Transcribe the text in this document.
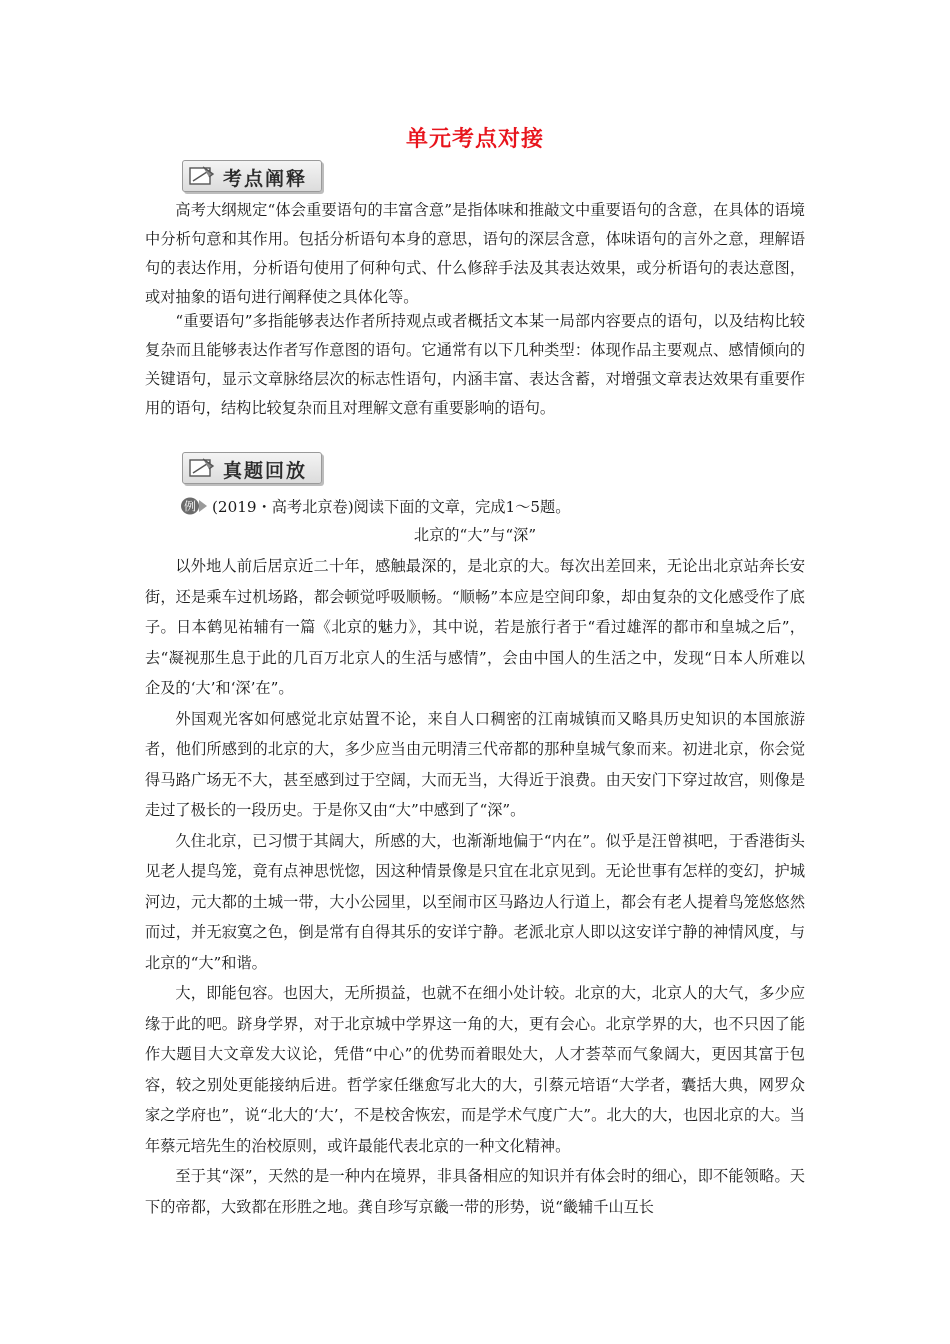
单元考点对接
考点阐释

高考大纲规定“体会重要语句的丰富含意”是指体味和推敲文中重要语句的含意，在具体的语境中分析句意和其作用。包括分析语句本身的意思，语句的深层含意，体味语句的言外之意，理解语句的表达作用，分析语句使用了何种句式、什么修辞手法及其表达效果，或分析语句的表达意图，或对抽象的语句进行阐释使之具体化等。

“重要语句”多指能够表达作者所持观点或者概括文本某一局部内容要点的语句，以及结构比较复杂而且能够表达作者写作意图的语句。它通常有以下几种类型：体现作品主要观点、感情倾向的关键语句，显示文章脉络层次的标志性语句，内涵丰富、表达含蓄，对增强文章表达效果有重要作用的语句，结构比较复杂而且对理解文意有重要影响的语句。

真题回放
例 (2019・高考北京卷)阅读下面的文章，完成1～5题。
北京的“大”与“深”

以外地人前后居京近二十年，感触最深的，是北京的大。每次出差回来，无论出北京站奔长安街，还是乘车过机场路，都会顿觉呼吸顺畅。“顺畅”本应是空间印象，却由复杂的文化感受作了底子。日本鹤见祐辅有一篇《北京的魅力》，其中说，若是旅行者于“看过雄浑的都市和皇城之后”，去“凝视那生息于此的几百万北京人的生活与感情”，会由中国人的生活之中，发现“日本人所难以企及的‘大’和‘深’在”。

外国观光客如何感觉北京姑置不论，来自人口稠密的江南城镇而又略具历史知识的本国旅游者，他们所感到的北京的大，多少应当由元明清三代帝都的那种皇城气象而来。初进北京，你会觉得马路广场无不大，甚至感到过于空阔，大而无当，大得近于浪费。由天安门下穿过故宫，则像是走过了极长的一段历史。于是你又由“大”中感到了“深”。

久住北京，已习惯于其阔大，所感的大，也渐渐地偏于“内在”。似乎是汪曾祺吧，于香港街头见老人提鸟笼，竟有点神思恍惚，因这种情景像是只宜在北京见到。无论世事有怎样的变幻，护城河边，元大都的土城一带，大小公园里，以至闹市区马路边人行道上，都会有老人提着鸟笼悠悠然而过，并无寂寞之色，倒是常有自得其乐的安详宁静。老派北京人即以这安详宁静的神情风度，与北京的“大”和谐。

大，即能包容。也因大，无所损益，也就不在细小处计较。北京的大，北京人的大气，多少应缘于此的吧。跻身学界，对于北京城中学界这一角的大，更有会心。北京学界的大，也不只因了能作大题目大文章发大议论，凭借“中心”的优势而着眼处大，人才荟萃而气象阔大，更因其富于包容，较之别处更能接纳后进。哲学家任继愈写北大的大，引蔡元培语“大学者，囊括大典，网罗众家之学府也”，说“北大的‘大’，不是校舍恢宏，而是学术气度广大”。北大的大，也因北京的大。当年蔡元培先生的治校原则，或许最能代表北京的一种文化精神。

至于其“深”，天然的是一种内在境界，非具备相应的知识并有体会时的细心，即不能领略。天下的帝都，大致都在形胜之地。龚自珍写京畿一带的形势，说“畿辅千山互长
